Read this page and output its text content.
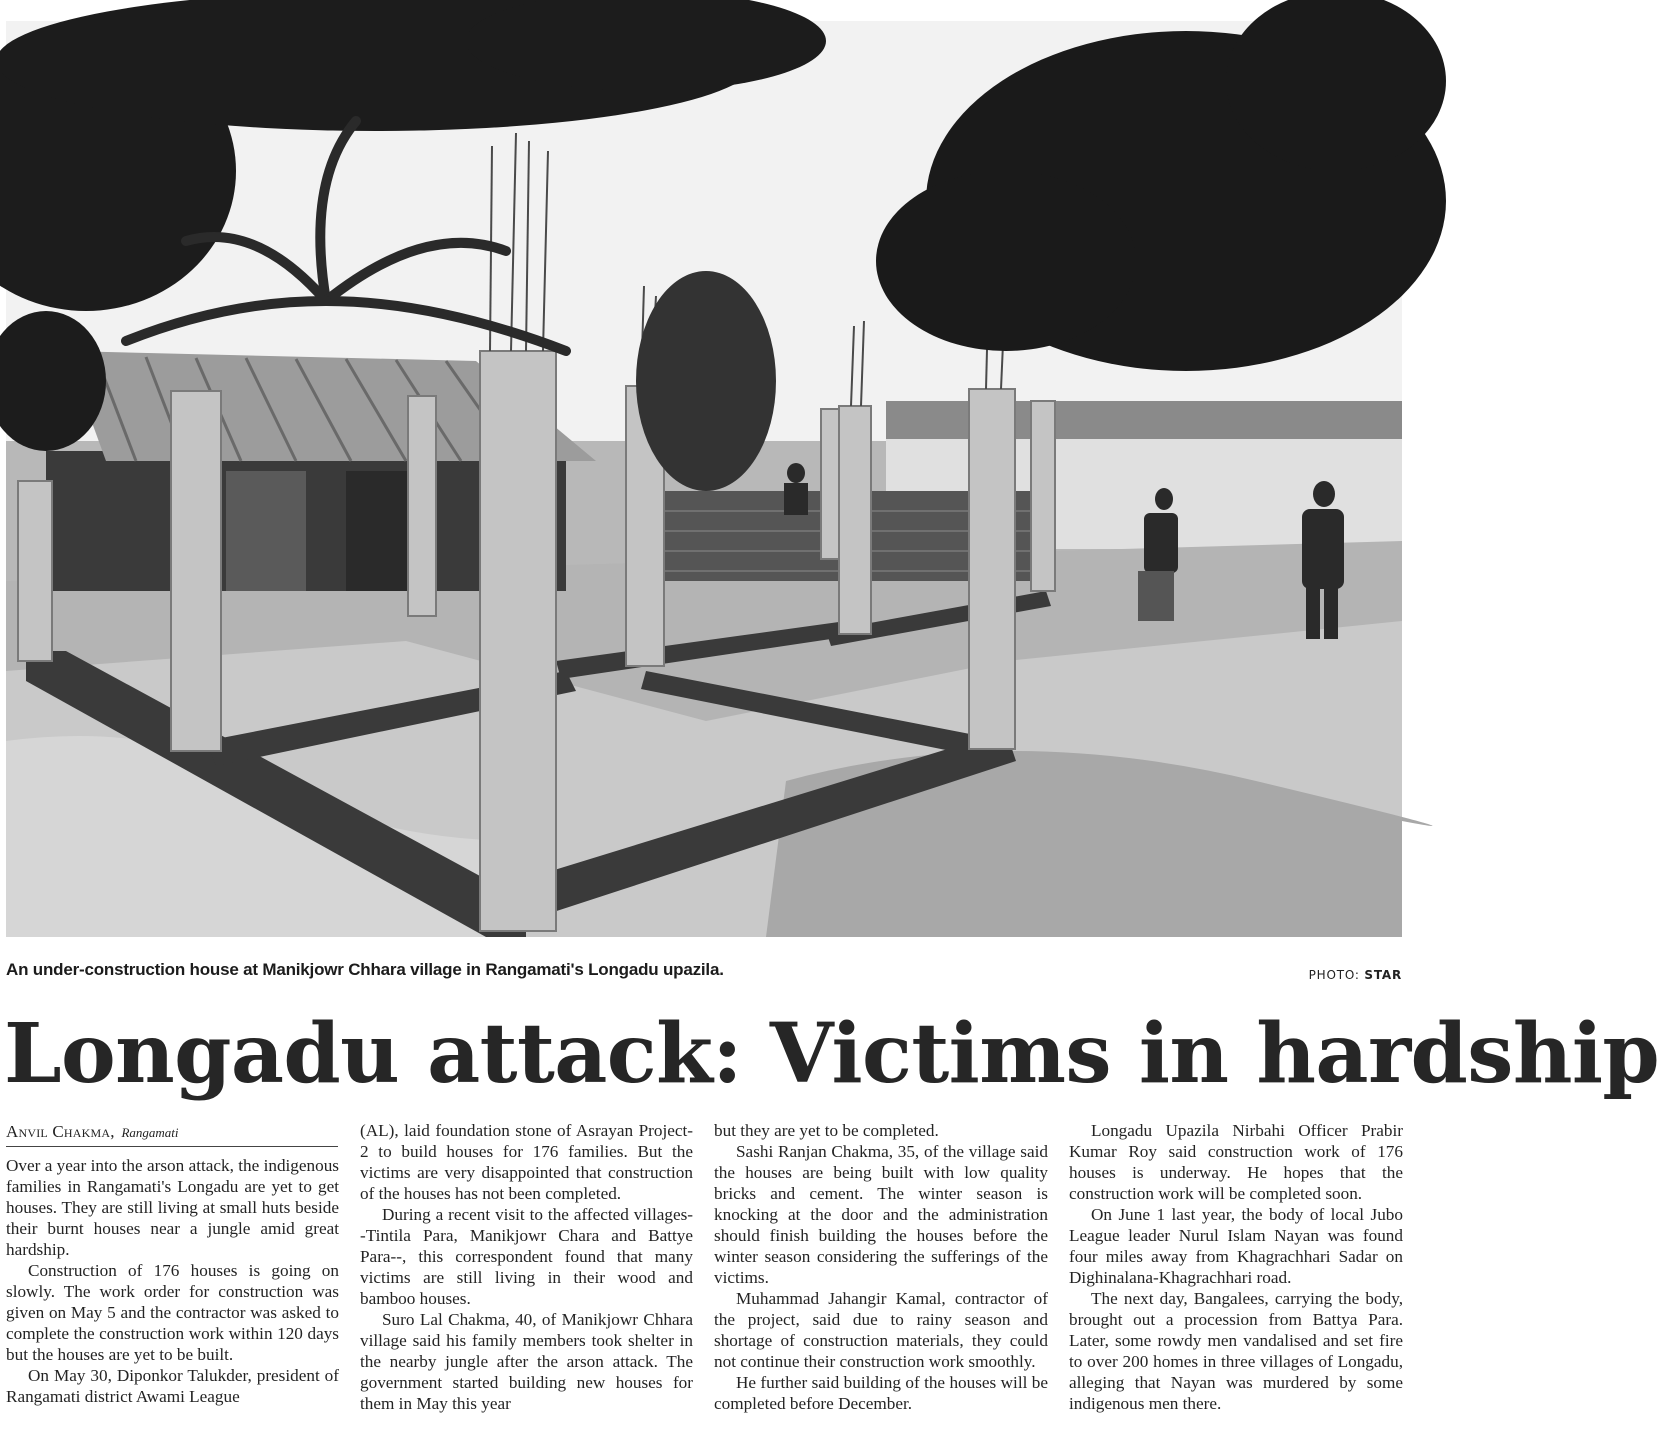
An under-construction house at Manikjowr Chhara village in Rangamati's Longadu upazila.	PHOTO: STAR
Longadu attack: Victims in hardship
Anvil Chakma, Rangamati

Over a year into the arson attack, the indigenous families in Rangamati's Longadu are yet to get houses. They are still living at small huts beside their burnt houses near a jungle amid great hardship.

Construction of 176 houses is going on slowly. The work order for construction was given on May 5 and the contractor was asked to complete the construction work within 120 days but the houses are yet to be built.

On May 30, Diponkor Talukder, president of Rangamati district Awami League

(AL), laid foundation stone of Asrayan Project-2 to build houses for 176 families. But the victims are very disappointed that construction of the houses has not been completed.

During a recent visit to the affected villages--Tintila Para, Manikjowr Chara and Battye Para--, this correspondent found that many victims are still living in their wood and bamboo houses.

Suro Lal Chakma, 40, of Manikjowr Chhara village said his family members took shelter in the nearby jungle after the arson attack. The government started building new houses for them in May this year

but they are yet to be completed.

Sashi Ranjan Chakma, 35, of the village said the houses are being built with low quality bricks and cement. The winter season is knocking at the door and the administration should finish building the houses before the winter season considering the sufferings of the victims.

Muhammad Jahangir Kamal, contractor of the project, said due to rainy season and shortage of construction materials, they could not continue their construction work smoothly.

He further said building of the houses will be completed before December.

Longadu Upazila Nirbahi Officer Prabir Kumar Roy said construction work of 176 houses is underway. He hopes that the construction work will be completed soon.

On June 1 last year, the body of local Jubo League leader Nurul Islam Nayan was found four miles away from Khagrachhari Sadar on Dighinalana-Khagrachhari road.

The next day, Bangalees, carrying the body, brought out a procession from Battya Para. Later, some rowdy men vandalised and set fire to over 200 homes in three villages of Longadu, alleging that Nayan was murdered by some indigenous men there.
